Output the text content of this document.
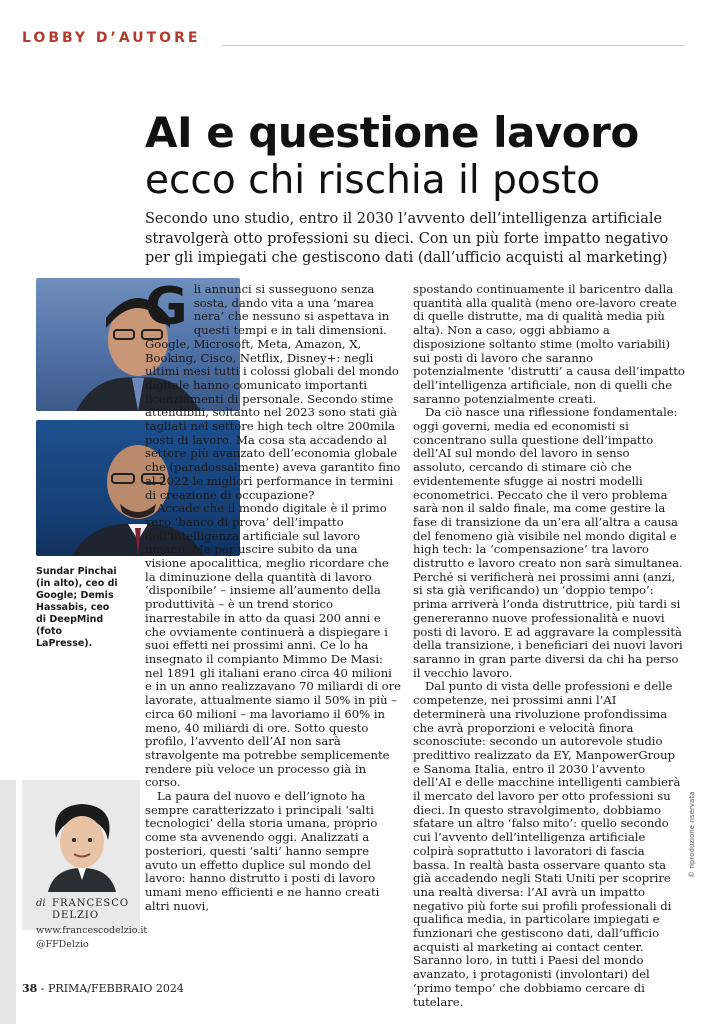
LOBBY D’AUTORE
AI e questione lavoro
ecco chi rischia il posto

Secondo uno studio, entro il 2030 l’avvento dell’intelligenza artificiale stravolgerà otto professioni su dieci. Con un più forte impatto negativo per gli impiegati che gestiscono dati (dall’ufficio acquisti al marketing)

Sundar Pinchai (in alto), ceo di Google; Demis Hassabis, ceo di DeepMind (foto LaPresse).

di FRANCESCO DELZIO
www.francescodelzio.it
@FFDelzio
G li annunci si susseguono senza sosta, dando vita a una ‘marea nera’ che nessuno si aspettava in questi tempi e in tali dimensioni. Google, Microsoft, Meta, Amazon, X, Booking, Cisco, Netflix, Disney+: negli ultimi mesi tutti i colossi globali del mondo digitale hanno comunicato importanti licenziamenti di personale. Secondo stime attendibili, soltanto nel 2023 sono stati già tagliati nel settore high tech oltre 200mila posti di lavoro. Ma cosa sta accadendo al settore più avanzato dell’economia globale che (paradossalmente) aveva garantito fino al 2022 le migliori performance in termini di creazione di occupazione?

Accade che il mondo digitale è il primo vero ‘banco di prova’ dell’impatto dell’intelligenza artificiale sul lavoro umano. Ma per uscire subito da una visione apocalittica, meglio ricordare che la diminuzione della quantità di lavoro ‘disponibile’ – insieme all’aumento della produttività – è un trend storico inarrestabile in atto da quasi 200 anni e che ovviamente continuerà a dispiegare i suoi effetti nei prossimi anni. Ce lo ha insegnato il compianto Mimmo De Masi: nel 1891 gli italiani erano circa 40 milioni e in un anno realizzavano 70 miliardi di ore lavorate, attualmente siamo il 50% in più – circa 60 milioni – ma lavoriamo il 60% in meno, 40 miliardi di ore. Sotto questo profilo, l’avvento dell’AI non sarà stravolgente ma potrebbe semplicemente rendere più veloce un processo già in corso.

La paura del nuovo e dell’ignoto ha sempre caratterizzato i principali ‘salti tecnologici’ della storia umana, proprio come sta avvenendo oggi. Analizzati a posteriori, questi ‘salti’ hanno sempre avuto un effetto duplice sul mondo del lavoro: hanno distrutto i posti di lavoro umani meno efficienti e ne hanno creati altri nuovi,

spostando continuamente il baricentro dalla quantità alla qualità (meno ore-lavoro create di quelle distrutte, ma di qualità media più alta). Non a caso, oggi abbiamo a disposizione soltanto stime (molto variabili) sui posti di lavoro che saranno potenzialmente ‘distrutti’ a causa dell’impatto dell’intelligenza artificiale, non di quelli che saranno potenzialmente creati.

Da ciò nasce una riflessione fondamentale: oggi governi, media ed economisti si concentrano sulla questione dell’impatto dell’AI sul mondo del lavoro in senso assoluto, cercando di stimare ciò che evidentemente sfugge ai nostri modelli econometrici. Peccato che il vero problema sarà non il saldo finale, ma come gestire la fase di transizione da un’era all’altra a causa del fenomeno già visibile nel mondo digital e high tech: la ‘compensazione’ tra lavoro distrutto e lavoro creato non sarà simultanea. Perché si verificherà nei prossimi anni (anzi, si sta già verificando) un ‘doppio tempo’: prima arriverà l’onda distruttrice, più tardi si genereranno nuove professionalità e nuovi posti di lavoro. E ad aggravare la complessità della transizione, i beneficiari dei nuovi lavori saranno in gran parte diversi da chi ha perso il vecchio lavoro.

Dal punto di vista delle professioni e delle competenze, nei prossimi anni l’AI determinerà una rivoluzione profondissima che avrà proporzioni e velocità finora sconosciute: secondo un autorevole studio predittivo realizzato da EY, ManpowerGroup e Sanoma Italia, entro il 2030 l’avvento dell’AI e delle macchine intelligenti cambierà il mercato del lavoro per otto professioni su dieci. In questo stravolgimento, dobbiamo sfatare un altro ‘falso mito’: quello secondo cui l’avvento dell’intelligenza artificiale colpirà soprattutto i lavoratori di fascia bassa. In realtà basta osservare quanto sta già accadendo negli Stati Uniti per scoprire una realtà diversa: l’AI avrà un impatto negativo più forte sui profili professionali di qualifica media, in particolare impiegati e funzionari che gestiscono dati, dall’ufficio acquisti al marketing ai contact center. Saranno loro, in tutti i Paesi del mondo avanzato, i protagonisti (involontari) del ‘primo tempo’ che dobbiamo cercare di tutelare.

© riproduzione riservata
38 - PRIMA/FEBBRAIO 2024
